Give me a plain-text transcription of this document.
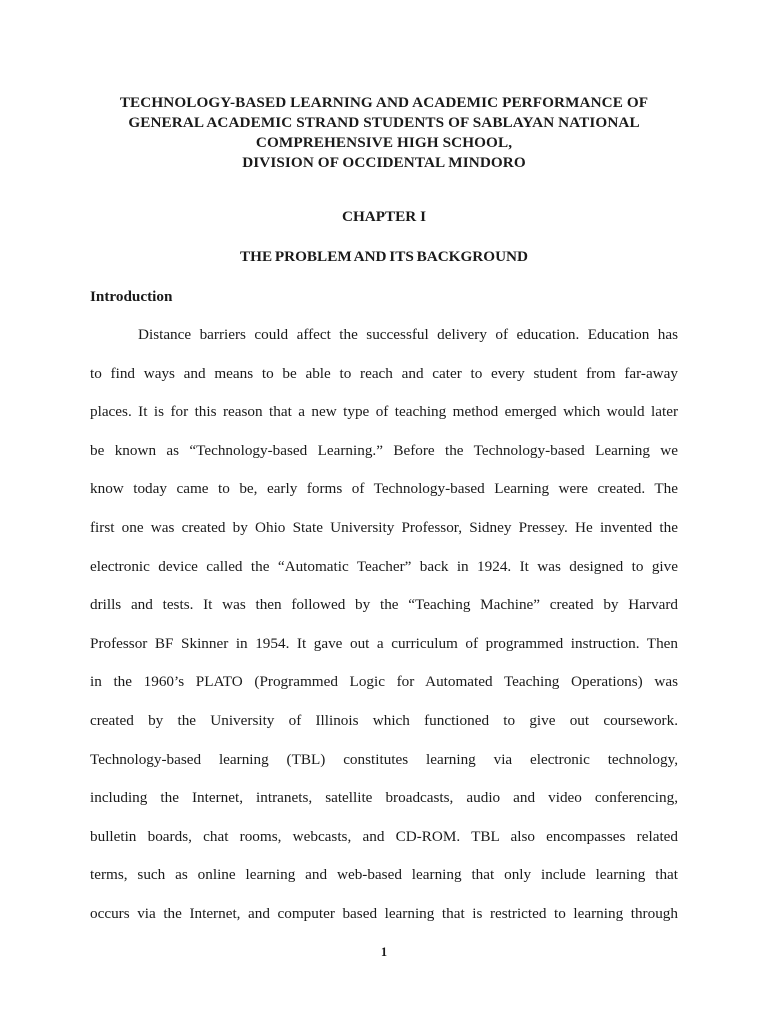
TECHNOLOGY-BASED LEARNING AND ACADEMIC PERFORMANCE OF
GENERAL ACADEMIC STRAND STUDENTS OF SABLAYAN NATIONAL
COMPREHENSIVE HIGH SCHOOL,
DIVISION OF OCCIDENTAL MINDORO
CHAPTER I
THE PROBLEM AND ITS BACKGROUND
Introduction
Distance barriers could affect the successful delivery of education. Education has
to find ways and means to be able to reach and cater to every student from far-away
places. It is for this reason that a new type of teaching method emerged which would later
be known as “Technology-based Learning.” Before the Technology-based Learning we
know today came to be, early forms of Technology-based Learning were created. The
first one was created by Ohio State University Professor, Sidney Pressey. He invented the
electronic device called the “Automatic Teacher” back in 1924. It was designed to give
drills and tests. It was then followed by the “Teaching Machine” created by Harvard
Professor BF Skinner in 1954. It gave out a curriculum of programmed instruction. Then
in the 1960’s PLATO (Programmed Logic for Automated Teaching Operations) was
created by the University of Illinois which functioned to give out coursework.
Technology-based learning (TBL) constitutes learning via electronic technology,
including the Internet, intranets, satellite broadcasts, audio and video conferencing,
bulletin boards, chat rooms, webcasts, and CD-ROM. TBL also encompasses related
terms, such as online learning and web-based learning that only include learning that
occurs via the Internet, and computer based learning that is restricted to learning through
1
